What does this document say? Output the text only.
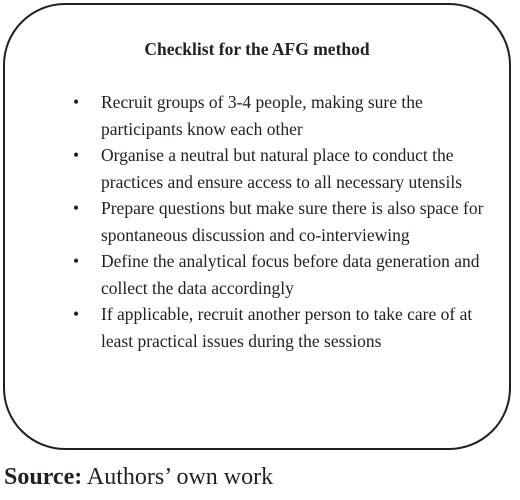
Checklist for the AFG method
•	Recruit groups of 3-4 people, making sure the participants know each other
•	Organise a neutral but natural place to conduct the practices and ensure access to all necessary utensils
•	Prepare questions but make sure there is also space for spontaneous discussion and co-interviewing
•	Define the analytical focus before data generation and collect the data accordingly
•	If applicable, recruit another person to take care of at least practical issues during the sessions
Source: Authors’ own work
